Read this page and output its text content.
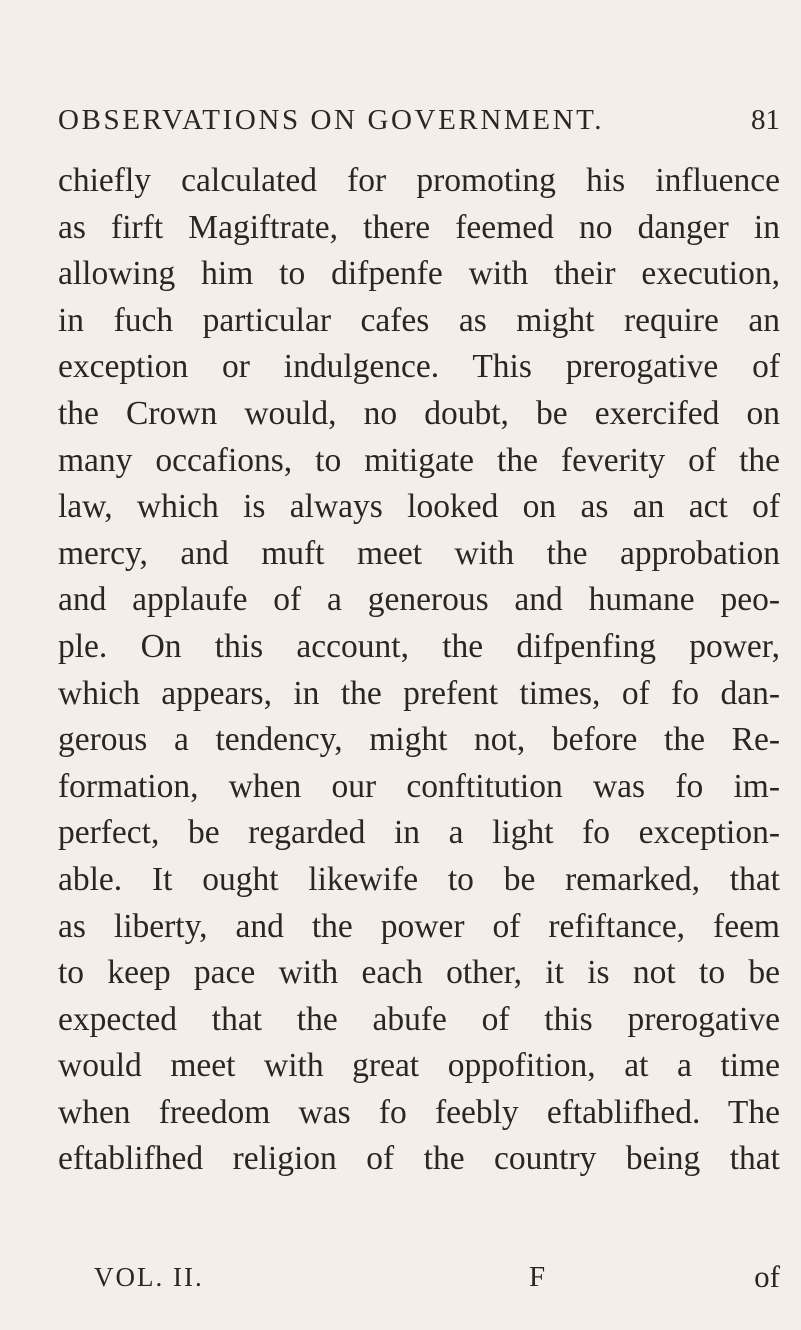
OBSERVATIONS ON GOVERNMENT.	81
chiefly calculated for promoting his influence
as firft Magiftrate, there feemed no danger in
allowing him to difpenfe with their execution,
in fuch particular cafes as might require an
exception or indulgence. This prerogative of
the Crown would, no doubt, be exercifed on
many occafions, to mitigate the feverity of the
law, which is always looked on as an act of
mercy, and muft meet with the approbation
and applaufe of a generous and humane peo-
ple. On this account, the difpenfing power,
which appears, in the prefent times, of fo dan-
gerous a tendency, might not, before the Re-
formation, when our conftitution was fo im-
perfect, be regarded in a light fo exception-
able. It ought likewife to be remarked, that
as liberty, and the power of refiftance, feem
to keep pace with each other, it is not to be
expected that the abufe of this prerogative
would meet with great oppofition, at a time
when freedom was fo feebly eftablifhed. The
eftablifhed religion of the country being that
VOL. II.	F	of
